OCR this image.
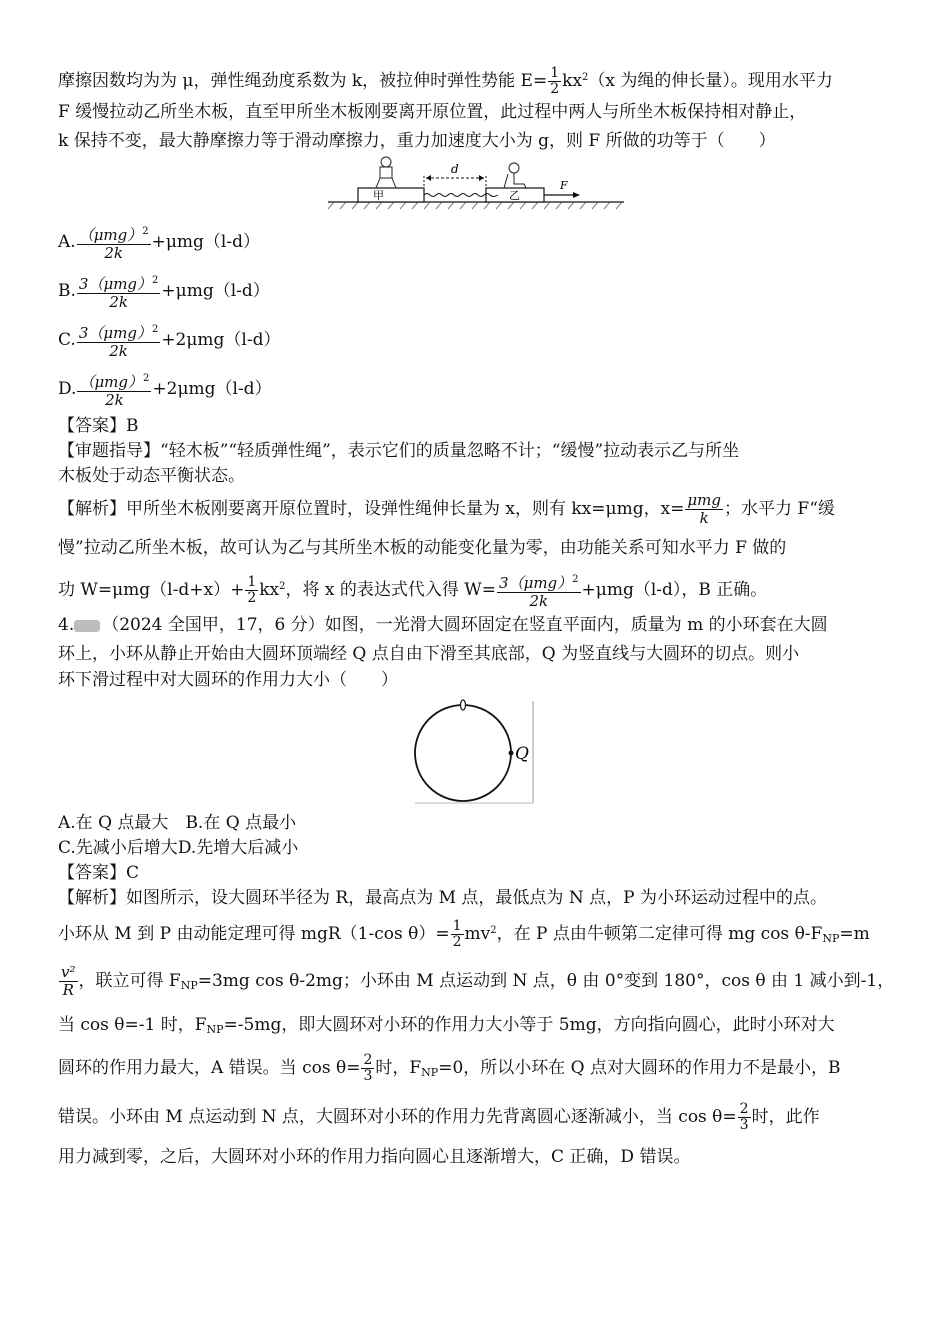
摩擦因数均为为 μ，弹性绳劲度系数为 k，被拉伸时弹性势能 $E= \frac{1}{2} kx^2(x$ 为绳的伸长量）。现用水平力

F 缓慢拉动乙所坐木板，直至甲所坐木板刚要离开原位置，此过程中两人与所坐木板保持相对静止，

k 保持不变，最大静摩擦力等于滑动摩擦力，重力加速度大小为 g，则 F 所做的功等于（　　）

甲	乙
d
F

A. $\frac{(\mu mg)^2}{2k} +\mu mg(l-d)$

B. $\frac{3(\mu mg)^2}{2k} +\mu mg(l-d)$

C. $\frac{3(\mu mg)^2}{2k} +2\mu mg(l-d)$

D. $\frac{(\mu mg)^2}{2k} +2\mu mg(l-d)$

【答案】B

【审题指导】“轻木板”“轻质弹性绳”，表示它们的质量忽略不计；“缓慢”拉动表示乙与所坐

木板处于动态平衡状态。

【解析】甲所坐木板刚要离开原位置时，设弹性绳伸长量为 x，则有 kx=μmg，$x= \frac{\text{μmg}}{k}$ ；水平力 F“缓

慢”拉动乙所坐木板，故可认为乙与其所坐木板的动能变化量为零，由功能关系可知水平力 F 做的

功 $W=\mu mg(l-d+x)+ \frac{1}{2} kx^2$，将 x 的表达式代入得 $W= \frac{3(\mu mg)^2}{2k} +\mu mg(l-d)$，B 正确。

4. （2024 全国甲，17，6 分）如图，一光滑大圆环固定在竖直平面内，质量为 m 的小环套在大圆

环上，小环从静止开始由大圆环顶端经 Q 点自由下滑至其底部，Q 为竖直线与大圆环的切点。则小

环下滑过程中对大圆环的作用力大小（　　）

Q

A.在 Q 点最大　 B.在 Q 点最小

C.先减小后增大D.先增大后减小

【答案】C

【解析】如图所示，设大圆环半径为 R，最高点为 M 点，最低点为 N 点，P 为小环运动过程中的点。

小环从 M 到 P 由动能定理可得 mgR（1-cos $\theta)= \frac{1}{2} mv^2$，在 P 点由牛顿第二定律可得 mg $\cos \theta-F_{NP}=m$

$\frac{\text{v²}}{R}$ ，联立可得 $F_{NP}=3mg$ cos θ-2mg；小环由 M 点运动到 N 点，θ 由 0°变到 180°，cos θ 由 1 减小到-1，

当 cos θ=-1 时，$F_{NP}=-5mg$，即大圆环对小环的作用力大小等于 5mg，方向指向圆心，此时小环对大

圆环的作用力最大，A 错误。当 $\cos \theta= \frac{2}{3}$ 时，$F_{NP}=0$，所以小环在 Q 点对大圆环的作用力不是最小，B

错误。小环由 M 点运动到 N 点，大圆环对小环的作用力先背离圆心逐渐减小，当 $\cos \theta= \frac{2}{3}$ 时，此作

用力减到零，之后，大圆环对小环的作用力指向圆心且逐渐增大，C 正确，D 错误。
